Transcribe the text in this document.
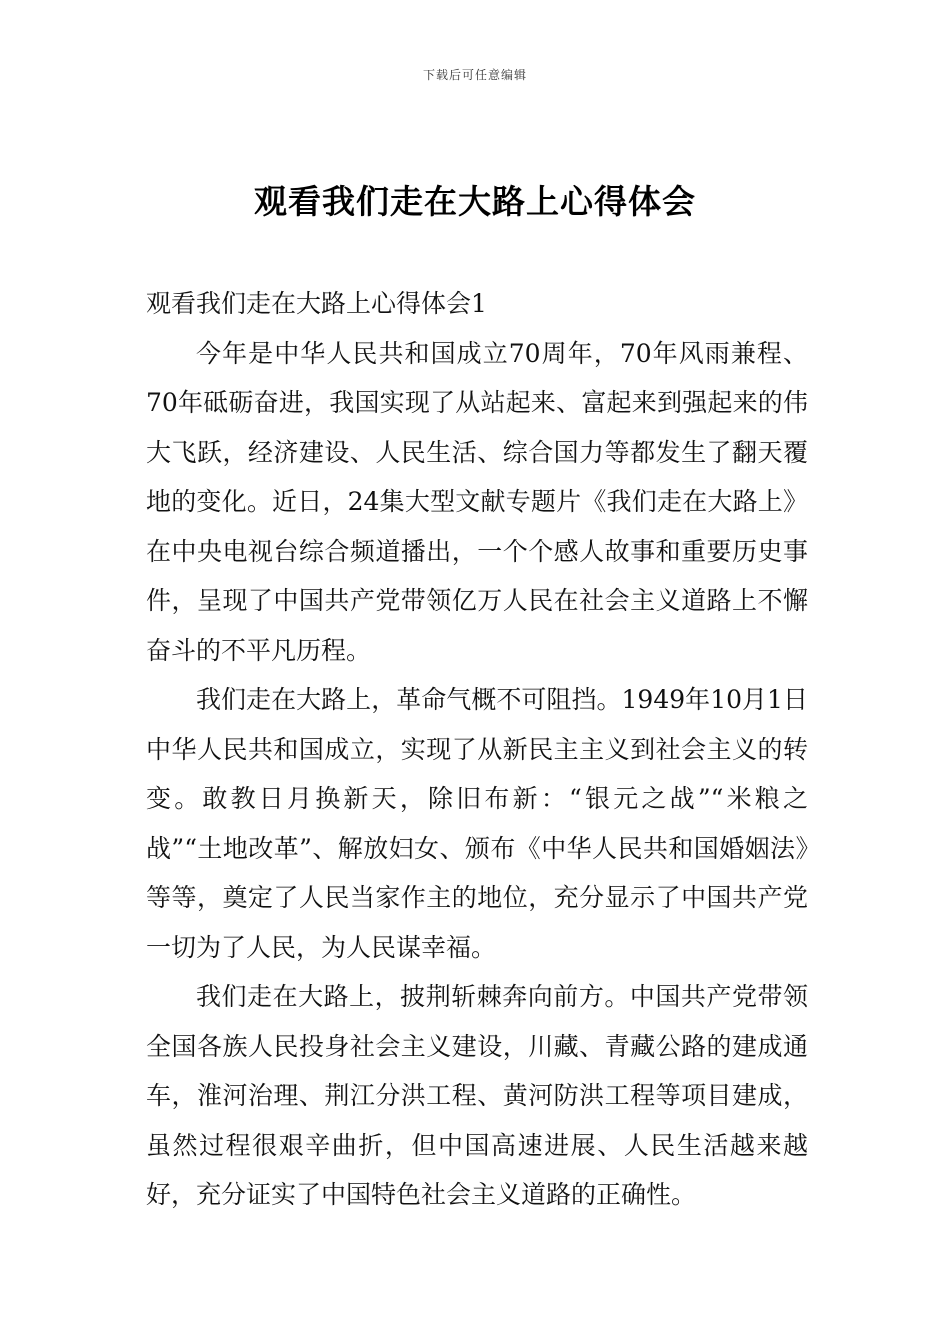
下载后可任意编辑
观看我们走在大路上心得体会

观看我们走在大路上心得体会1

今年是中华人民共和国成立70周年，70年风雨兼程、70年砥砺奋进，我国实现了从站起来、富起来到强起来的伟大飞跃，经济建设、人民生活、综合国力等都发生了翻天覆地的变化。近日，24集大型文献专题片《我们走在大路上》在中央电视台综合频道播出，一个个感人故事和重要历史事件，呈现了中国共产党带领亿万人民在社会主义道路上不懈奋斗的不平凡历程。

我们走在大路上，革命气概不可阻挡。1949年10月1日中华人民共和国成立，实现了从新民主主义到社会主义的转变。敢教日月换新天，除旧布新：“银元之战”“米粮之战”“土地改革”、解放妇女、颁布《中华人民共和国婚姻法》等等，奠定了人民当家作主的地位，充分显示了中国共产党一切为了人民，为人民谋幸福。

我们走在大路上，披荆斩棘奔向前方。中国共产党带领全国各族人民投身社会主义建设，川藏、青藏公路的建成通车，淮河治理、荆江分洪工程、黄河防洪工程等项目建成，虽然过程很艰辛曲折，但中国高速进展、人民生活越来越好，充分证实了中国特色社会主义道路的正确性。
